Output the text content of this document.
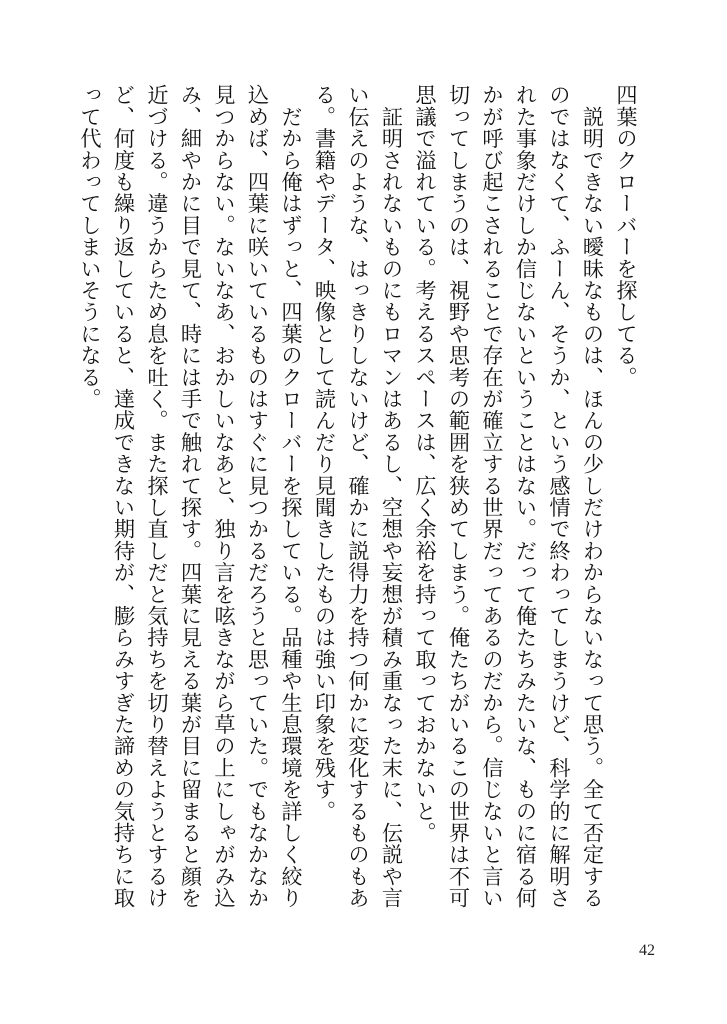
四葉のクローバーを探してる。
　説明できない曖昧なものは、ほんの少しだけわからないなって思う。全て否定する
のではなくて、ふーん、そうか、という感情で終わってしまうけど、科学的に解明さ
れた事象だけしか信じないということはない。だって俺たちみたいな、ものに宿る何
かが呼び起こされることで存在が確立する世界だってあるのだから。信じないと言い
切ってしまうのは、視野や思考の範囲を狭めてしまう。俺たちがいるこの世界は不可
思議で溢れている。考えるスペースは、広く余裕を持って取っておかないと。
　証明されないものにもロマンはあるし、空想や妄想が積み重なった末に、伝説や言
い伝えのような、はっきりしないけど、確かに説得力を持つ何かに変化するものもあ
る。書籍やデータ、映像として読んだり見聞きしたものは強い印象を残す。
　だから俺はずっと、四葉のクローバーを探している。品種や生息環境を詳しく絞り
込めば、四葉に咲いているものはすぐに見つかるだろうと思っていた。でもなかなか
見つからない。ないなあ、おかしいなあと、独り言を呟きながら草の上にしゃがみ込
み、細やかに目で見て、時には手で触れて探す。四葉に見える葉が目に留まると顔を
近づける。違うからため息を吐く。また探し直しだと気持ちを切り替えようとするけ
ど、何度も繰り返していると、達成できない期待が、膨らみすぎた諦めの気持ちに取
って代わってしまいそうになる。
42
